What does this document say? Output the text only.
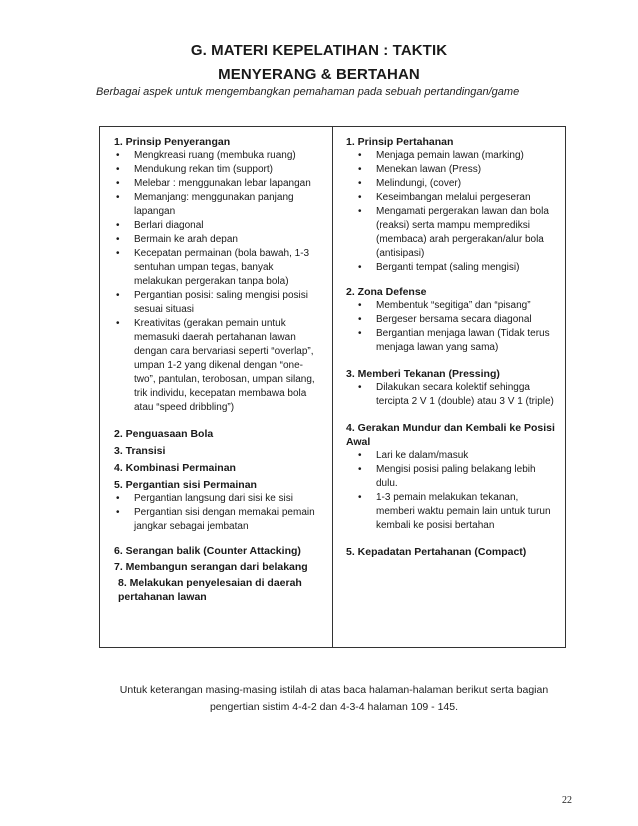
G. MATERI KEPELATIHAN : TAKTIK
MENYERANG & BERTAHAN
Berbagai aspek untuk mengembangkan pemahaman pada sebuah pertandingan/game

1. Prinsip Penyerangan

• Mengkreasi ruang (membuka ruang)
• Mendukung rekan tim (support)
• Melebar : menggunakan lebar lapangan
• Memanjang: menggunakan panjang lapangan
• Berlari diagonal
• Bermain ke arah depan
• Kecepatan permainan (bola bawah, 1-3 sentuhan umpan tegas, banyak melakukan pergerakan tanpa bola)
• Pergantian posisi: saling mengisi posisi sesuai situasi
• Kreativitas (gerakan pemain untuk memasuki daerah pertahanan lawan dengan cara bervariasi seperti “overlap”, umpan 1-2 yang dikenal dengan “one-two”, pantulan, terobosan, umpan silang, trik individu, kecepatan membawa bola atau “speed dribbling”)

2. Penguasaan Bola

3. Transisi

4. Kombinasi Permainan

5. Pergantian sisi Permainan

• Pergantian langsung dari sisi ke sisi
• Pergantian sisi dengan memakai pemain jangkar sebagai jembatan

6. Serangan balik (Counter Attacking)

7. Membangun serangan dari belakang

8. Melakukan penyelesaian di daerah pertahanan lawan

1. Prinsip Pertahanan

• Menjaga pemain lawan (marking)
• Menekan lawan (Press)
• Melindungi, (cover)
• Keseimbangan melalui pergeseran
• Mengamati pergerakan lawan dan bola (reaksi) serta mampu memprediksi (membaca) arah pergerakan/alur bola (antisipasi)
• Berganti tempat (saling mengisi)

2. Zona Defense

• Membentuk “segitiga” dan “pisang”
• Bergeser bersama secara diagonal
• Bergantian menjaga lawan (Tidak terus menjaga lawan yang sama)

3. Memberi Tekanan (Pressing)

• Dilakukan secara kolektif sehingga tercipta 2 V 1 (double) atau 3 V 1 (triple)

4. Gerakan Mundur dan Kembali ke Posisi Awal

• Lari ke dalam/masuk
• Mengisi posisi paling belakang lebih dulu.
• 1-3 pemain melakukan tekanan, memberi waktu pemain lain untuk turun kembali ke posisi bertahan

5. Kepadatan Pertahanan (Compact)

Untuk keterangan masing-masing istilah di atas baca halaman-halaman berikut serta bagian
pengertian sistim 4-4-2 dan 4-3-4 halaman 109 - 145.
22
